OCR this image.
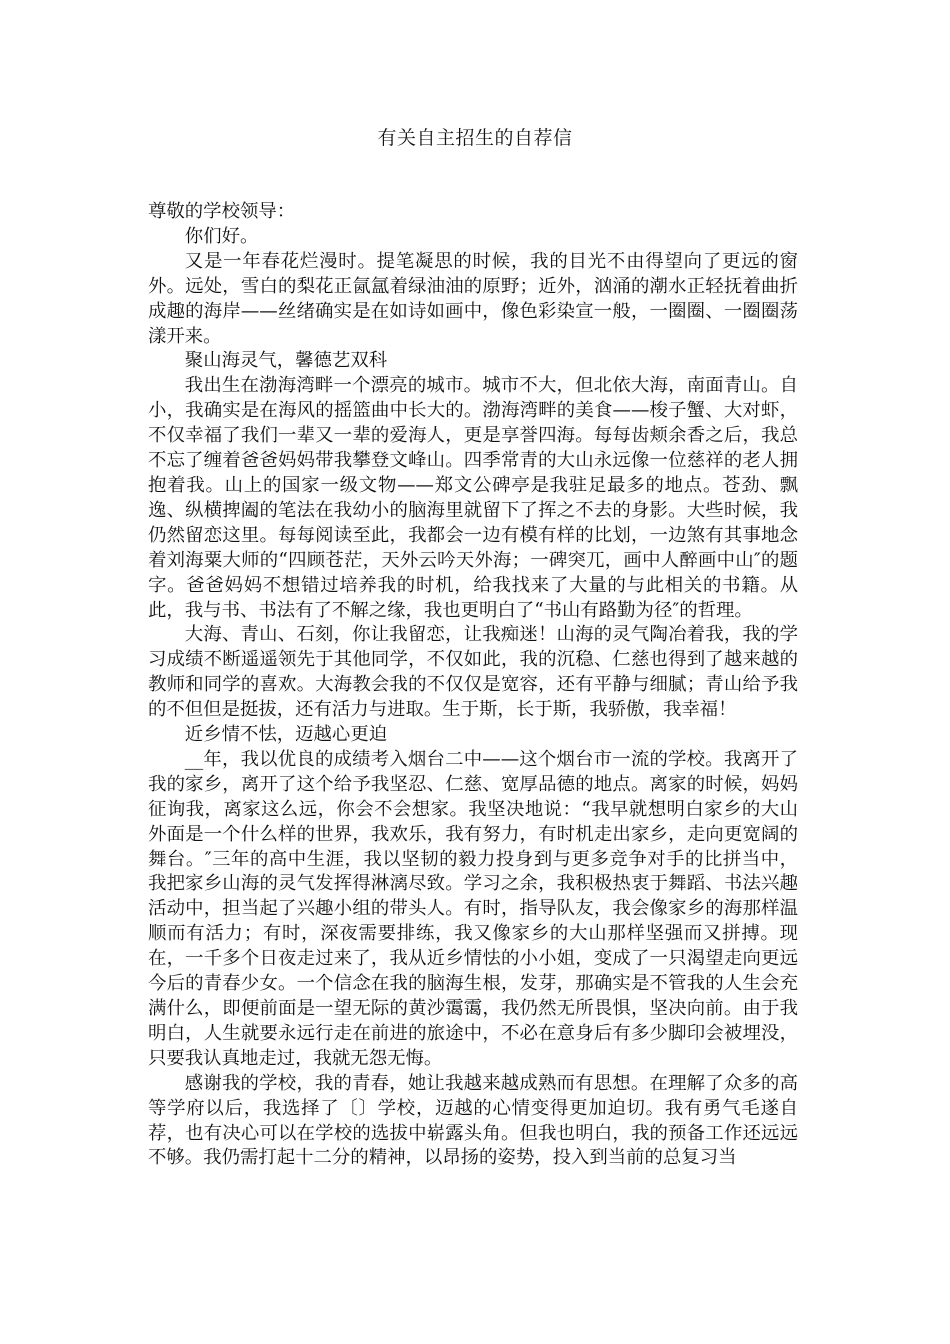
有关自主招生的自荐信

尊敬的学校领导：

你们好。

又是一年春花烂漫时。提笔凝思的时候，我的目光不由得望向了更远的窗外。远处，雪白的梨花正氤氲着绿油油的原野；近外，汹涌的潮水正轻抚着曲折成趣的海岸——丝绪确实是在如诗如画中，像色彩染宣一般，一圈圈、一圈圈荡漾开来。

聚山海灵气，馨德艺双科

我出生在渤海湾畔一个漂亮的城市。城市不大，但北依大海，南面青山。自小，我确实是在海风的摇篮曲中长大的。渤海湾畔的美食——梭子蟹、大对虾，不仅幸福了我们一辈又一辈的爱海人，更是享誉四海。每每齿颊余香之后，我总不忘了缠着爸爸妈妈带我攀登文峰山。四季常青的大山永远像一位慈祥的老人拥抱着我。山上的国家一级文物——郑文公碑亭是我驻足最多的地点。苍劲、飘逸、纵横捭阖的笔法在我幼小的脑海里就留下了挥之不去的身影。大些时候，我仍然留恋这里。每每阅读至此，我都会一边有模有样的比划，一边煞有其事地念着刘海粟大师的“四顾苍茫，天外云吟天外海；一碑突兀，画中人醉画中山″的题字。爸爸妈妈不想错过培养我的时机，给我找来了大量的与此相关的书籍。从此，我与书、书法有了不解之缘，我也更明白了“书山有路勤为径″的哲理。

大海、青山、石刻，你让我留恋，让我痴迷！山海的灵气陶冶着我，我的学习成绩不断遥遥领先于其他同学，不仅如此，我的沉稳、仁慈也得到了越来越的教师和同学的喜欢。大海教会我的不仅仅是宽容，还有平静与细腻；青山给予我的不但但是挺拔，还有活力与进取。生于斯，长于斯，我骄傲，我幸福！

近乡情不怯，迈越心更迫

__年，我以优良的成绩考入烟台二中——这个烟台市一流的学校。我离开了我的家乡，离开了这个给予我坚忍、仁慈、宽厚品德的地点。离家的时候，妈妈征询我，离家这么远，你会不会想家。我坚决地说：“我早就想明白家乡的大山外面是一个什么样的世界，我欢乐，我有努力，有时机走出家乡，走向更宽阔的舞台。″三年的高中生涯，我以坚韧的毅力投身到与更多竞争对手的比拼当中，我把家乡山海的灵气发挥得淋漓尽致。学习之余，我积极热衷于舞蹈、书法兴趣活动中，担当起了兴趣小组的带头人。有时，指导队友，我会像家乡的海那样温顺而有活力；有时，深夜需要排练，我又像家乡的大山那样坚强而又拼搏。现在，一千多个日夜走过来了，我从近乡情怯的小小姐，变成了一只渴望走向更远今后的青春少女。一个信念在我的脑海生根，发芽，那确实是不管我的人生会充满什么，即便前面是一望无际的黄沙霭霭，我仍然无所畏惧，坚决向前。由于我明白，人生就要永远行走在前进的旅途中，不必在意身后有多少脚印会被埋没，只要我认真地走过，我就无怨无悔。

感谢我的学校，我的青春，她让我越来越成熟而有思想。在理解了众多的高等学府以后，我选择了〔〕学校，迈越的心情变得更加迫切。我有勇气毛遂自荐，也有决心可以在学校的选拔中崭露头角。但我也明白，我的预备工作还远远不够。我仍需打起十二分的精神，以昂扬的姿势，投入到当前的总复习当
